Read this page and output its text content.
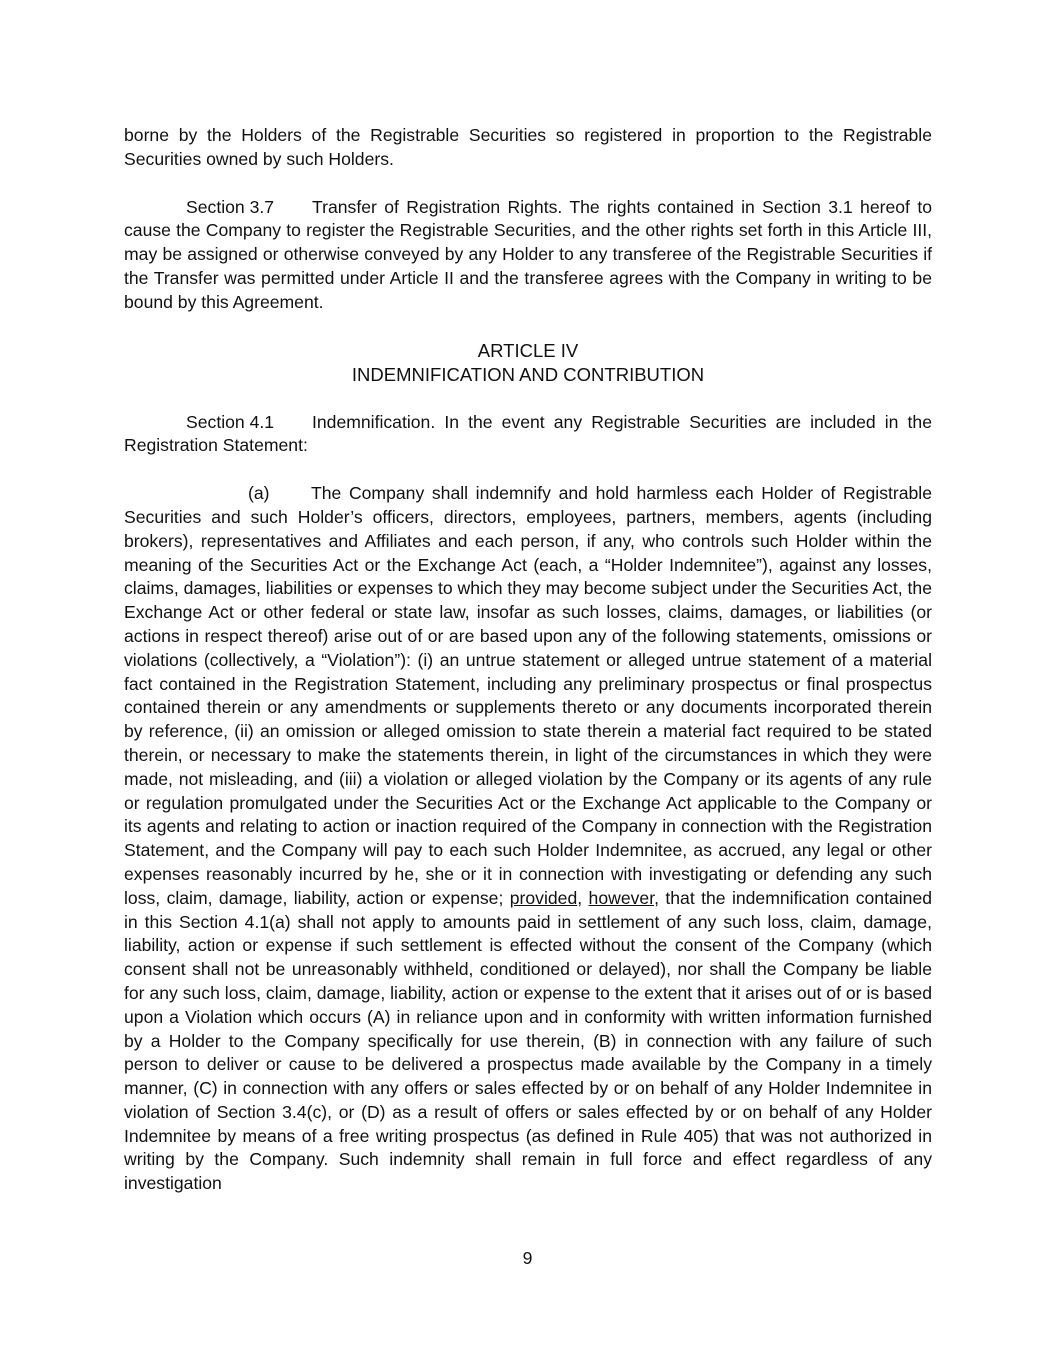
borne by the Holders of the Registrable Securities so registered in proportion to the Registrable Securities owned by such Holders.

Section 3.7 Transfer of Registration Rights. The rights contained in Section 3.1 hereof to cause the Company to register the Registrable Securities, and the other rights set forth in this Article III, may be assigned or otherwise conveyed by any Holder to any transferee of the Registrable Securities if the Transfer was permitted under Article II and the transferee agrees with the Company in writing to be bound by this Agreement.

ARTICLE IV
INDEMNIFICATION AND CONTRIBUTION

Section 4.1 Indemnification. In the event any Registrable Securities are included in the Registration Statement:

(a) The Company shall indemnify and hold harmless each Holder of Registrable Securities and such Holder’s officers, directors, employees, partners, members, agents (including brokers), representatives and Affiliates and each person, if any, who controls such Holder within the meaning of the Securities Act or the Exchange Act (each, a “Holder Indemnitee”), against any losses, claims, damages, liabilities or expenses to which they may become subject under the Securities Act, the Exchange Act or other federal or state law, insofar as such losses, claims, damages, or liabilities (or actions in respect thereof) arise out of or are based upon any of the following statements, omissions or violations (collectively, a “Violation”): (i) an untrue statement or alleged untrue statement of a material fact contained in the Registration Statement, including any preliminary prospectus or final prospectus contained therein or any amendments or supplements thereto or any documents incorporated therein by reference, (ii) an omission or alleged omission to state therein a material fact required to be stated therein, or necessary to make the statements therein, in light of the circumstances in which they were made, not misleading, and (iii) a violation or alleged violation by the Company or its agents of any rule or regulation promulgated under the Securities Act or the Exchange Act applicable to the Company or its agents and relating to action or inaction required of the Company in connection with the Registration Statement, and the Company will pay to each such Holder Indemnitee, as accrued, any legal or other expenses reasonably incurred by he, she or it in connection with investigating or defending any such loss, claim, damage, liability, action or expense; provided, however, that the indemnification contained in this Section 4.1(a) shall not apply to amounts paid in settlement of any such loss, claim, damage, liability, action or expense if such settlement is effected without the consent of the Company (which consent shall not be unreasonably withheld, conditioned or delayed), nor shall the Company be liable for any such loss, claim, damage, liability, action or expense to the extent that it arises out of or is based upon a Violation which occurs (A) in reliance upon and in conformity with written information furnished by a Holder to the Company specifically for use therein, (B) in connection with any failure of such person to deliver or cause to be delivered a prospectus made available by the Company in a timely manner, (C) in connection with any offers or sales effected by or on behalf of any Holder Indemnitee in violation of Section 3.4(c), or (D) as a result of offers or sales effected by or on behalf of any Holder Indemnitee by means of a free writing prospectus (as defined in Rule 405) that was not authorized in writing by the Company. Such indemnity shall remain in full force and effect regardless of any investigation

9
